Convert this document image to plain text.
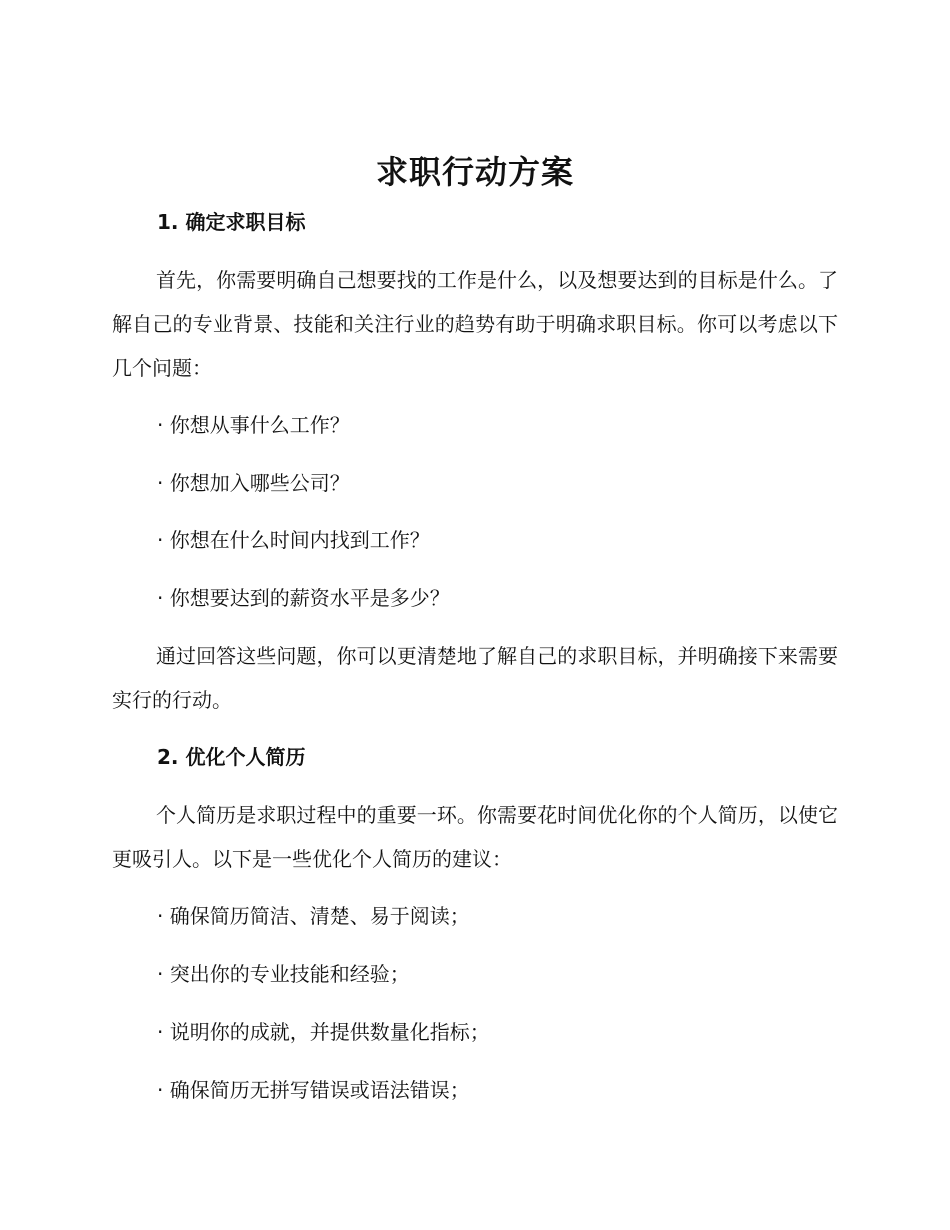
求职行动方案
1. 确定求职目标

首先，你需要明确自己想要找的工作是什么，以及想要达到的目标是什么。了解自己的专业背景、技能和关注行业的趋势有助于明确求职目标。你可以考虑以下几个问题：

· 你想从事什么工作？
· 你想加入哪些公司？
· 你想在什么时间内找到工作？
· 你想要达到的薪资水平是多少？

通过回答这些问题，你可以更清楚地了解自己的求职目标，并明确接下来需要实行的行动。

2. 优化个人简历

个人简历是求职过程中的重要一环。你需要花时间优化你的个人简历，以使它更吸引人。以下是一些优化个人简历的建议：

· 确保简历简洁、清楚、易于阅读；
· 突出你的专业技能和经验；
· 说明你的成就，并提供数量化指标；
· 确保简历无拼写错误或语法错误；
